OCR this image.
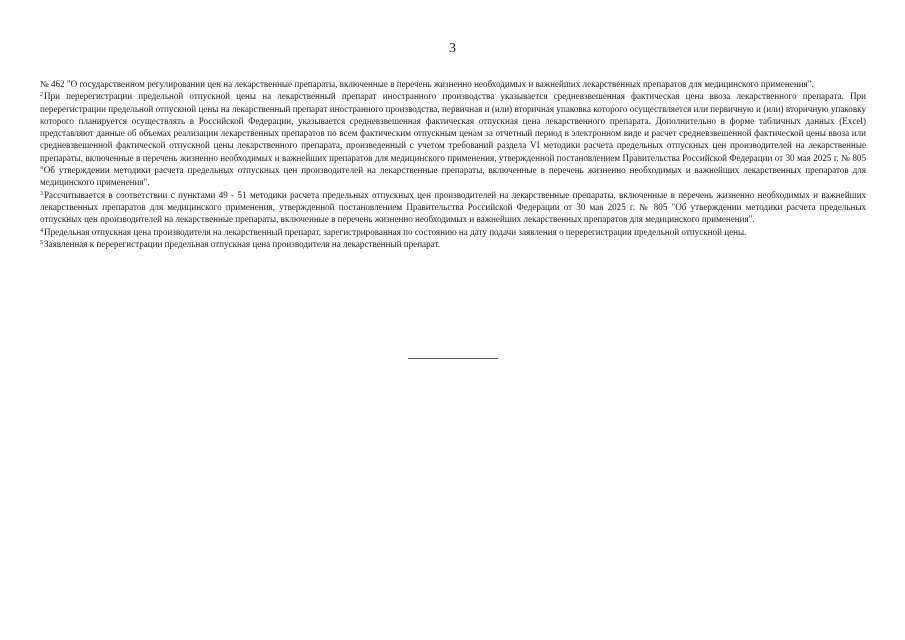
3

№ 462 "О государственном регулировании цен на лекарственные препараты, включенные в перечень жизненно необходимых и важнейших лекарственных препаратов для медицинского применения".

$^2$При перерегистрации предельной отпускной цены на лекарственный препарат иностранного производства указывается средневзвешенная фактическая цена ввоза лекарственного препарата. При перерегистрации предельной отпускной цены на лекарственный препарат иностранного производства, первичная и (или) вторичная упаковка которого осуществляется или первичную и (или) вторичную упаковку которого планируется осуществлять в Российской Федерации, указывается средневзвешенная фактическая отпускная цена лекарственного препарата. Дополнительно в форме табличных данных (Excel) представляют данные об объемах реализации лекарственных препаратов по всем фактическим отпускным ценам за отчетный период в электронном виде и расчет средневзвешенной фактической цены ввоза или средневзвешенной фактической отпускной цены лекарственного препарата, произведенный с учетом требований раздела VI методики расчета предельных отпускных цен производителей на лекарственные препараты, включенные в перечень жизненно необходимых и важнейших препаратов для медицинского применения, утвержденной постановлением Правительства Российской Федерации от 30 мая 2025 г. № 805 "Об утверждении методики расчета предельных отпускных цен производителей на лекарственные препараты, включенные в перечень жизненно необходимых и важнейших лекарственных препаратов для медицинского применения".

$^3$Рассчитывается в соответствии с пунктами 49 - 51 методики расчета предельных отпускных цен производителей на лекарственные препараты, включенные в перечень жизненно необходимых и важнейших лекарственных препаратов для медицинского применения, утвержденной постановлением Правительства Российской Федерации от 30 мая 2025 г. № 805 "Об утверждении методики расчета предельных отпускных цен производителей на лекарственные препараты, включенные в перечень жизненно необходимых и важнейших лекарственных препаратов для медицинского применения".

$^4$Предельная отпускная цена производителя на лекарственный препарат, зарегистрированная по состоянию на дату подачи заявления о перерегистрации предельной отпускной цены.

$^5$Заявленная к перерегистрации предельная отпускная цена производителя на лекарственный препарат.
